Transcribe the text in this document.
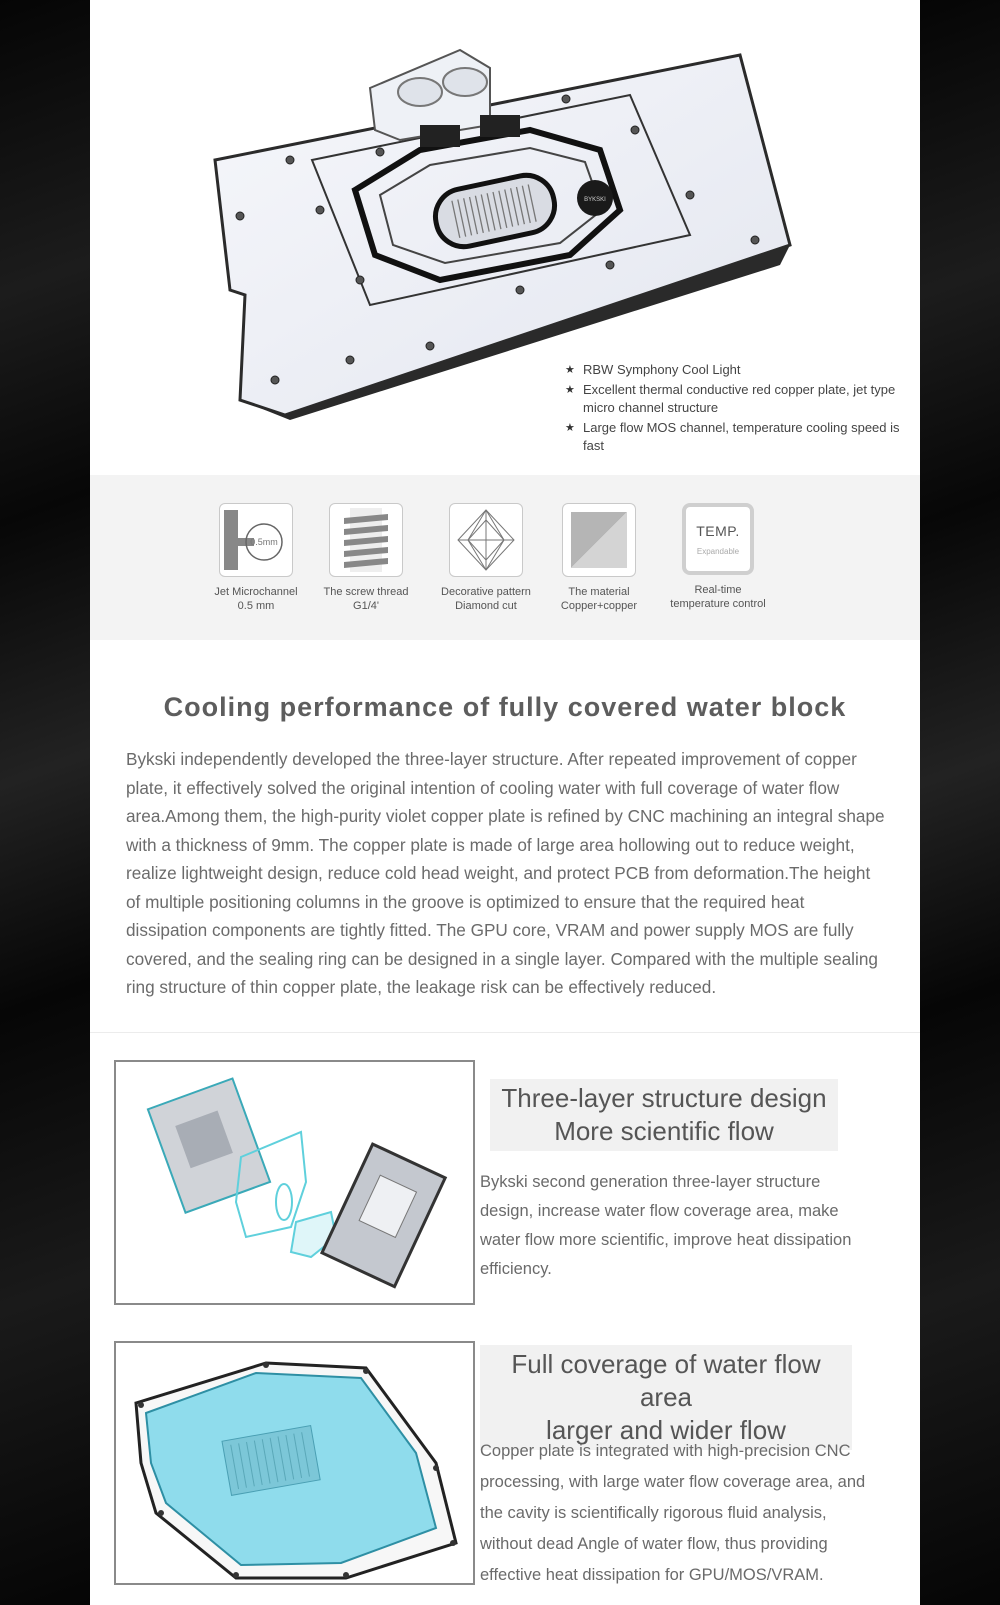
BYKSKI
★ RBW Symphony Cool Light
★ Excellent thermal conductive red copper plate, jet type micro channel structure
★ Large flow MOS channel, temperature cooling speed is fast
0.5mm
Jet Microchannel
0.5 mm
The screw thread
G1/4'
Decorative pattern
Diamond cut
The material
Copper+copper
TEMP.
Expandable
Real-time
temperature control
Cooling performance of fully covered water block

Bykski independently developed the three-layer structure. After repeated improvement of copper plate, it effectively solved the original intention of cooling water with full coverage of water flow area.Among them, the high-purity violet copper plate is refined by CNC machining an integral shape with a thickness of 9mm. The copper plate is made of large area hollowing out to reduce weight, realize lightweight design, reduce cold head weight, and protect PCB from deformation.The height of multiple positioning columns in the groove is optimized to ensure that the required heat dissipation components are tightly fitted. The GPU core, VRAM and power supply MOS are fully covered, and the sealing ring can be designed in a single layer. Compared with the multiple sealing ring structure of thin copper plate, the leakage risk can be effectively reduced.

Three-layer structure design
More scientific flow

Bykski second generation three-layer structure design, increase water flow coverage area, make water flow more scientific, improve heat dissipation efficiency.

Full coverage of water flow area
larger and wider flow

Copper plate is integrated with high-precision CNC processing, with large water flow coverage area, and the cavity is scientifically rigorous fluid analysis, without dead Angle of water flow, thus providing effective heat dissipation for GPU/MOS/VRAM.
